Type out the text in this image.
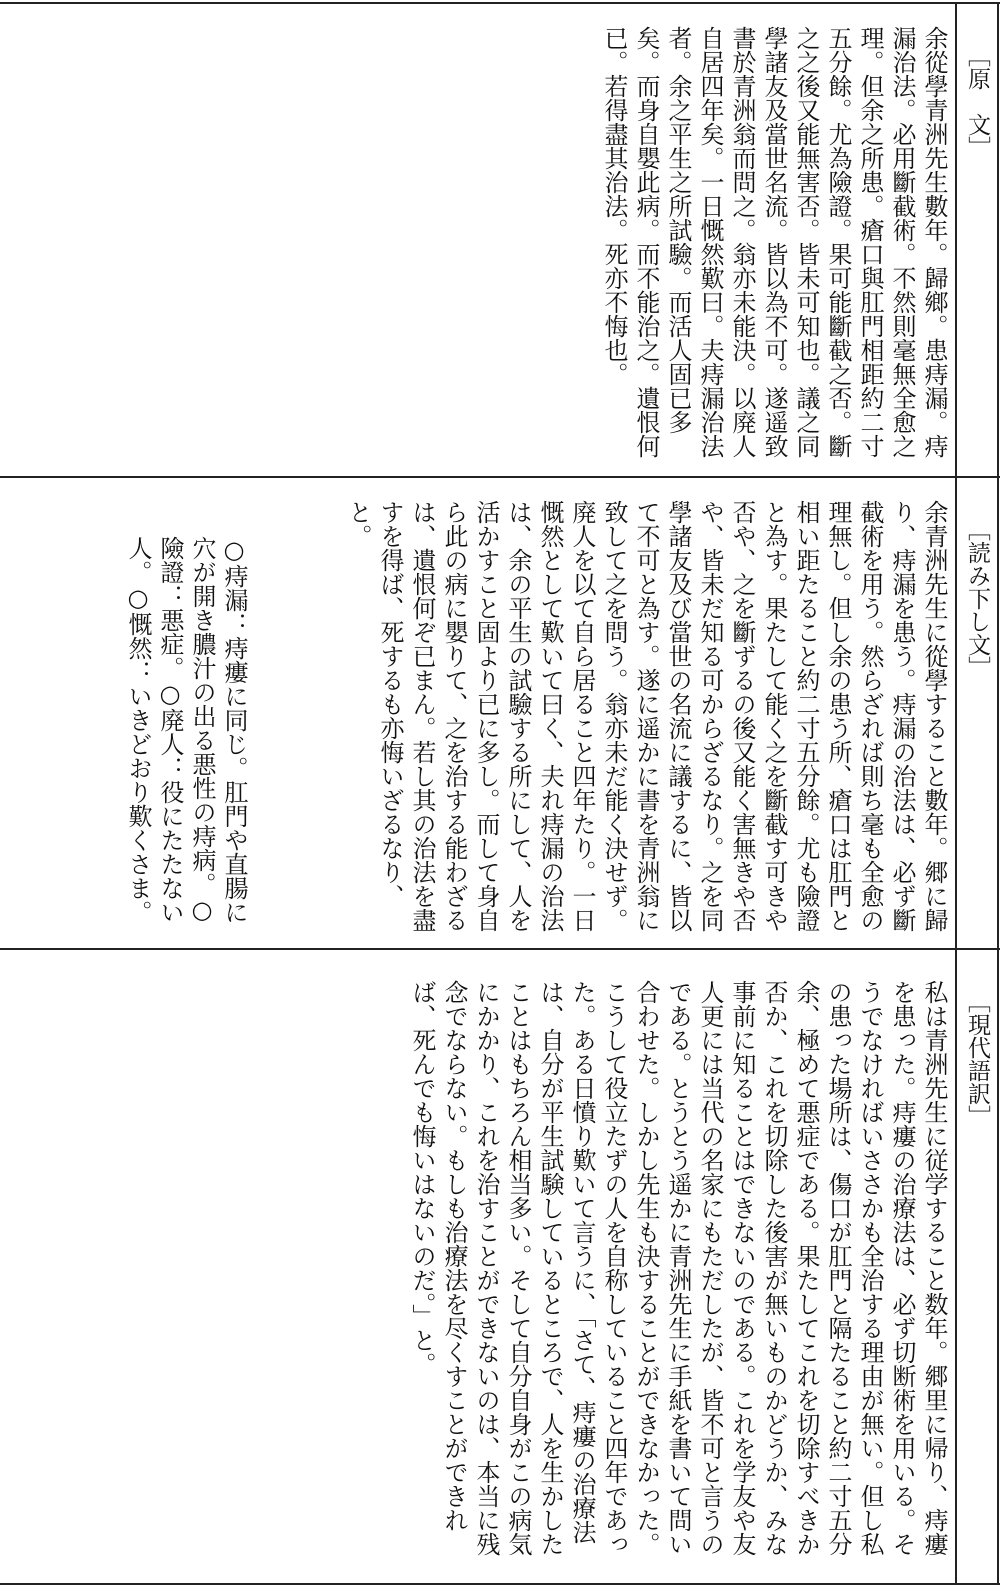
［原　文］

余從學青洲先生數年。歸鄉。患痔漏。痔漏治法。必用斷截術。不然則毫無全愈之理。但余之所患。瘡口與肛門相距約二寸五分餘。尤為險證。果可能斷截之否。斷之之後又能無害否。皆未可知也。議之同學諸友及當世名流。皆以為不可。遂遥致書於青洲翁而問之。翁亦未能決。以廃人自居四年矣。一日慨然歎曰。夫痔漏治法者。余之平生之所試驗。而活人固已多矣。而身自嬰此病。而不能治之。遺恨何已。若得盡其治法。死亦不悔也。

［読み下し文］

余青洲先生に從學すること數年。郷に歸り、痔漏を患う。痔漏の治法は、必ず斷截術を用う。然らざれば則ち毫も全愈の理無し。但し余の患う所、瘡口は肛門と相い距たること約二寸五分餘。尤も險證と為す。果たして能く之を斷截す可きや否や、之を斷ずるの後又能く害無きや否や、皆未だ知る可からざるなり。之を同學諸友及び當世の名流に議するに、皆以て不可と為す。遂に遥かに書を青洲翁に致して之を問う。翁亦未だ能く決せず。廃人を以て自ら居ること四年たり。一日慨然として歎いて曰く、夫れ痔漏の治法は、余の平生の試驗する所にして、人を活かすこと固より已に多し。而して身自ら此の病に嬰りて、之を治する能わざるは、遺恨何ぞ已まん。若し其の治法を盡すを得ば、死するも亦悔いざるなり、と。

○痔漏：痔瘻に同じ。肛門や直腸に穴が開き膿汁の出る悪性の痔病。○險證：悪症。○廃人：役にたたない人。○慨然：いきどおり歎くさま。

［現代語訳］

私は青洲先生に従学すること数年。郷里に帰り、痔瘻を患った。痔瘻の治療法は、必ず切断術を用いる。そうでなければいささかも全治する理由が無い。但し私の患った場所は、傷口が肛門と隔たること約二寸五分余、極めて悪症である。果たしてこれを切除すべきか否か、これを切除した後害が無いものかどうか、みな事前に知ることはできないのである。これを学友や友人更には当代の名家にもただしたが、皆不可と言うのである。とうとう遥かに青洲先生に手紙を書いて問い合わせた。しかし先生も決することができなかった。こうして役立たずの人を自称していること四年であった。ある日憤り歎いて言うに、「さて、痔瘻の治療法は、自分が平生試験しているところで、人を生かしたことはもちろん相当多い。そして自分自身がこの病気にかかり、これを治すことができないのは、本当に残念でならない。もしも治療法を尽くすことができれば、死んでも悔いはないのだ。」と。
